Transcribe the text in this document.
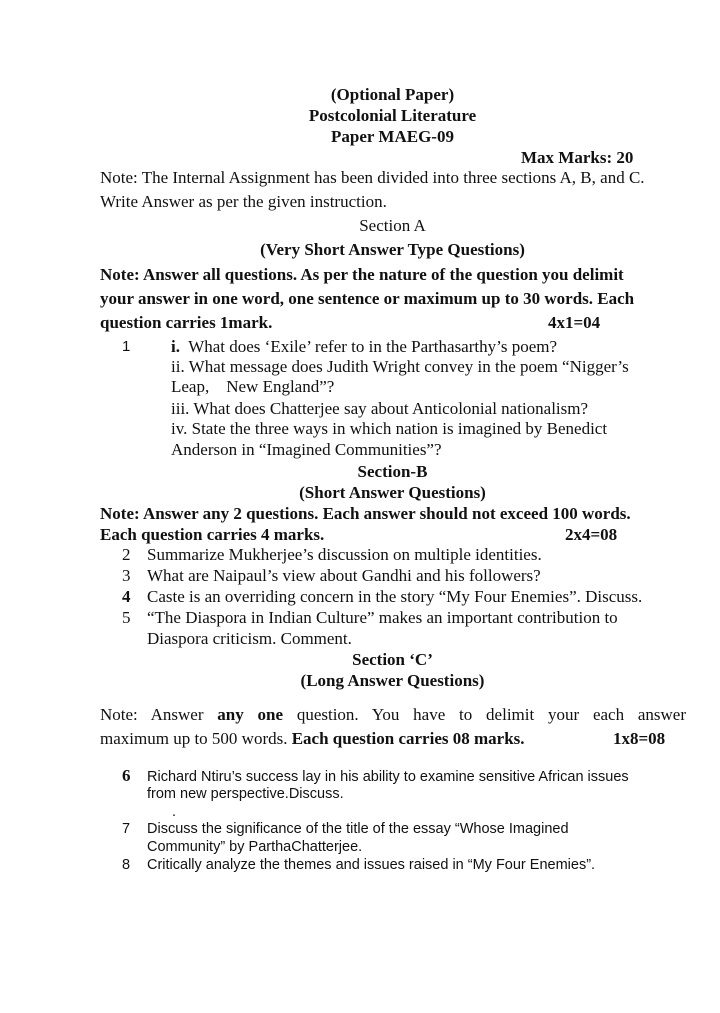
(Optional Paper)
Postcolonial Literature
Paper MAEG-09
Max Marks: 20
Note: The Internal Assignment has been divided into three sections A, B, and C.
Write Answer as per the given instruction.
Section A
(Very Short Answer Type Questions)
Note: Answer all questions. As per the nature of the question you delimit
your answer in one word, one sentence or maximum up to 30 words. Each
question carries 1mark.	4x1=04
1 i. What does ‘Exile’ refer to in the Parthasarthy’s poem?
ii. What message does Judith Wright convey in the poem “Nigger’s
Leap,    New England”?
iii. What does Chatterjee say about Anticolonial nationalism?
iv. State the three ways in which nation is imagined by Benedict
Anderson in “Imagined Communities”?
Section-B
(Short Answer Questions)
Note: Answer any 2 questions. Each answer should not exceed 100 words.
Each question carries 4 marks.	2x4=08
2 Summarize Mukherjee’s discussion on multiple identities.
3 What are Naipaul’s view about Gandhi and his followers?
4 Caste is an overriding concern in the story “My Four Enemies”. Discuss.
5 “The Diaspora in Indian Culture” makes an important contribution to
Diaspora criticism. Comment.
Section ‘C’
(Long Answer Questions)
Note: Answer any one question. You have to delimit your each answer
maximum up to 500 words. Each question carries 08 marks.	1x8=08
6 Richard Ntiru’s success lay in his ability to examine sensitive African issues
from new perspective.Discuss.
.
7 Discuss the significance of the title of the essay “Whose Imagined
Community” by ParthaChatterjee.
8 Critically analyze the themes and issues raised in “My Four Enemies”.
